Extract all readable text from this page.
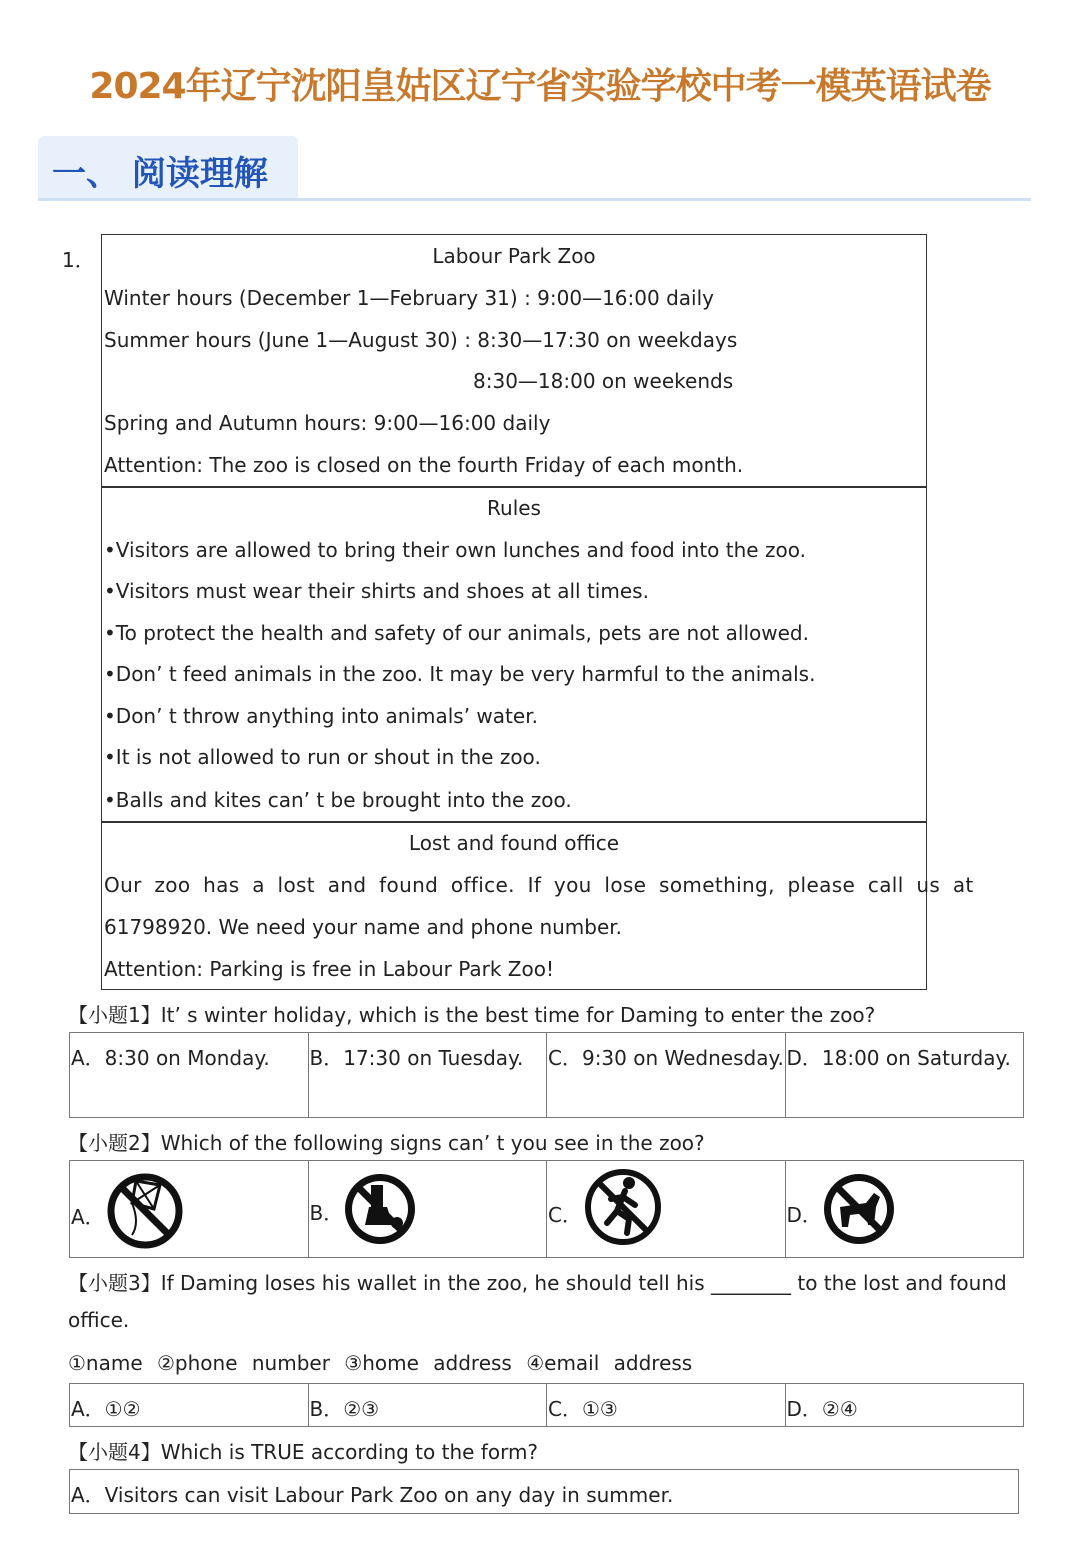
2024年辽宁沈阳皇姑区辽宁省实验学校中考一模英语试卷
一、 阅读理解
1．	Labour Park Zoo
Winter hours (December 1—February 31) : 9:00—16:00 daily
Summer hours (June 1—August 30) : 8:30—17:30 on weekdays
8:30—18:00 on weekends
Spring and Autumn hours: 9:00—16:00 daily
Attention: The zoo is closed on the fourth Friday of each month.
Rules
•Visitors are allowed to bring their own lunches and food into the zoo.
•Visitors must wear their shirts and shoes at all times.
•To protect the health and safety of our animals, pets are not allowed.
•Don’ t feed animals in the zoo. It may be very harmful to the animals.
•Don’ t throw anything into animals’ water.
•It is not allowed to run or shout in the zoo.
•Balls and kites can’ t be brought into the zoo.
Lost and found office
Our zoo has a lost and found office. If you lose something, please call us at
61798920. We need your name and phone number.
Attention: Parking is free in Labour Park Zoo!
【小题1】It’ s winter holiday, which is the best time for Daming to enter the zoo?
A．8:30 on Monday. B．17:30 on Tuesday. C．9:30 on Wednesday. D．18:00 on Saturday.
【小题2】Which of the following signs can’ t you see in the zoo?
A．	B．	C．	D．
【小题3】If Daming loses his wallet in the zoo, he should tell his ________ to the lost and found
office.
①name ②phone number ③home address ④email address
A．①②	B．②③	C．①③	D．②④
【小题4】Which is TRUE according to the form?
A．Visitors can visit Labour Park Zoo on any day in summer.
